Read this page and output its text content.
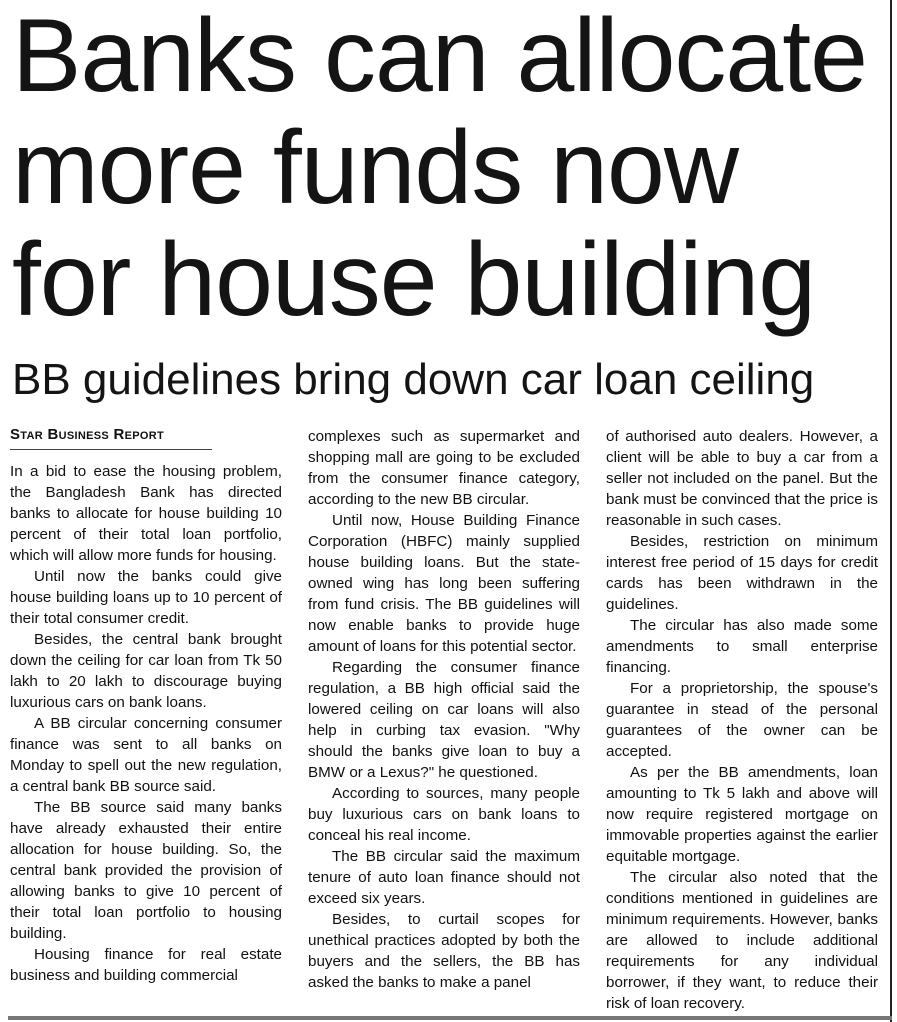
Banks can allocate
more funds now
for house building
BB guidelines bring down car loan ceiling
Star Business Report

In a bid to ease the housing problem, the Bangladesh Bank has directed banks to allocate for house building 10 percent of their total loan portfolio, which will allow more funds for housing.

Until now the banks could give house building loans up to 10 percent of their total consumer credit.

Besides, the central bank brought down the ceiling for car loan from Tk 50 lakh to 20 lakh to discourage buying luxurious cars on bank loans.

A BB circular concerning consumer finance was sent to all banks on Monday to spell out the new regulation, a central bank BB source said.

The BB source said many banks have already exhausted their entire allocation for house building. So, the central bank provided the provision of allowing banks to give 10 percent of their total loan portfolio to housing building.

Housing finance for real estate business and building commercial

complexes such as supermarket and shopping mall are going to be excluded from the consumer finance category, according to the new BB circular.

Until now, House Building Finance Corporation (HBFC) mainly supplied house building loans. But the state-owned wing has long been suffering from fund crisis. The BB guidelines will now enable banks to provide huge amount of loans for this potential sector.

Regarding the consumer finance regulation, a BB high official said the lowered ceiling on car loans will also help in curbing tax evasion. "Why should the banks give loan to buy a BMW or a Lexus?" he questioned.

According to sources, many people buy luxurious cars on bank loans to conceal his real income.

The BB circular said the maximum tenure of auto loan finance should not exceed six years.

Besides, to curtail scopes for unethical practices adopted by both the buyers and the sellers, the BB has asked the banks to make a panel

of authorised auto dealers. However, a client will be able to buy a car from a seller not included on the panel. But the bank must be convinced that the price is reasonable in such cases.

Besides, restriction on minimum interest free period of 15 days for credit cards has been withdrawn in the guidelines.

The circular has also made some amendments to small enterprise financing.

For a proprietorship, the spouse's guarantee in stead of the personal guarantees of the owner can be accepted.

As per the BB amendments, loan amounting to Tk 5 lakh and above will now require registered mortgage on immovable properties against the earlier equitable mortgage.

The circular also noted that the conditions mentioned in guidelines are minimum requirements. However, banks are allowed to include additional requirements for any individual borrower, if they want, to reduce their risk of loan recovery.
